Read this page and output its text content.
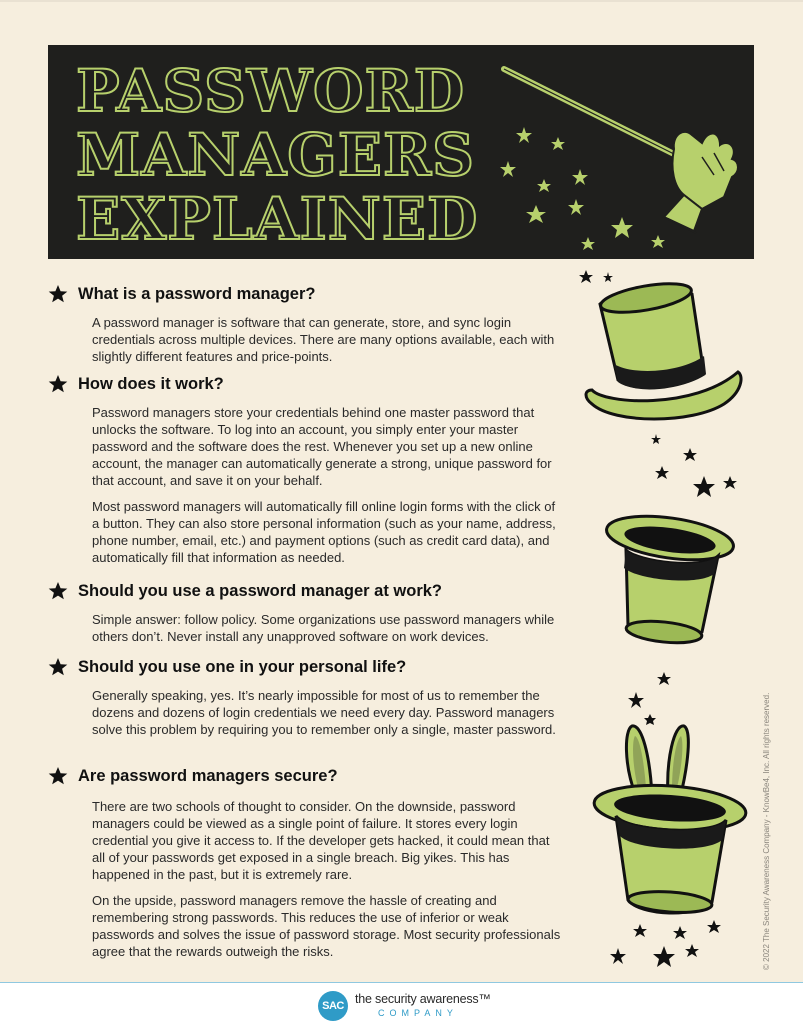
PASSWORD
MANAGERS
EXPLAINED
What is a password manager?

A password manager is software that can generate, store, and sync login credentials across multiple devices. There are many options available, each with slightly different features and price-points.

How does it work?

Password managers store your credentials behind one master password that unlocks the software. To log into an account, you simply enter your master password and the software does the rest. Whenever you set up a new online account, the manager can automatically generate a strong, unique password for that account, and save it on your behalf.

Most password managers will automatically fill online login forms with the click of a button. They can also store personal information (such as your name, address, phone number, email, etc.) and payment options (such as credit card data), and automatically fill that information as needed.

Should you use a password manager at work?

Simple answer: follow policy. Some organizations use password managers while others don’t. Never install any unapproved software on work devices.

Should you use one in your personal life?

Generally speaking, yes. It’s nearly impossible for most of us to remember the dozens and dozens of login credentials we need every day. Password managers solve this problem by requiring you to remember only a single, master password.

Are password managers secure?

There are two schools of thought to consider. On the downside, password managers could be viewed as a single point of failure. It stores every login credential you give it access to. If the developer gets hacked, it could mean that all of your passwords get exposed in a single breach. Big yikes. This has happened in the past, but it is extremely rare.

On the upside, password managers remove the hassle of creating and remembering strong passwords. This reduces the use of inferior or weak passwords and solves the issue of password storage. Most security professionals agree that the rewards outweigh the risks.	© 2022 The Security Awareness Company - KnowBe4, Inc. All rights reserved.
SAC the security awareness™
COMPANY
